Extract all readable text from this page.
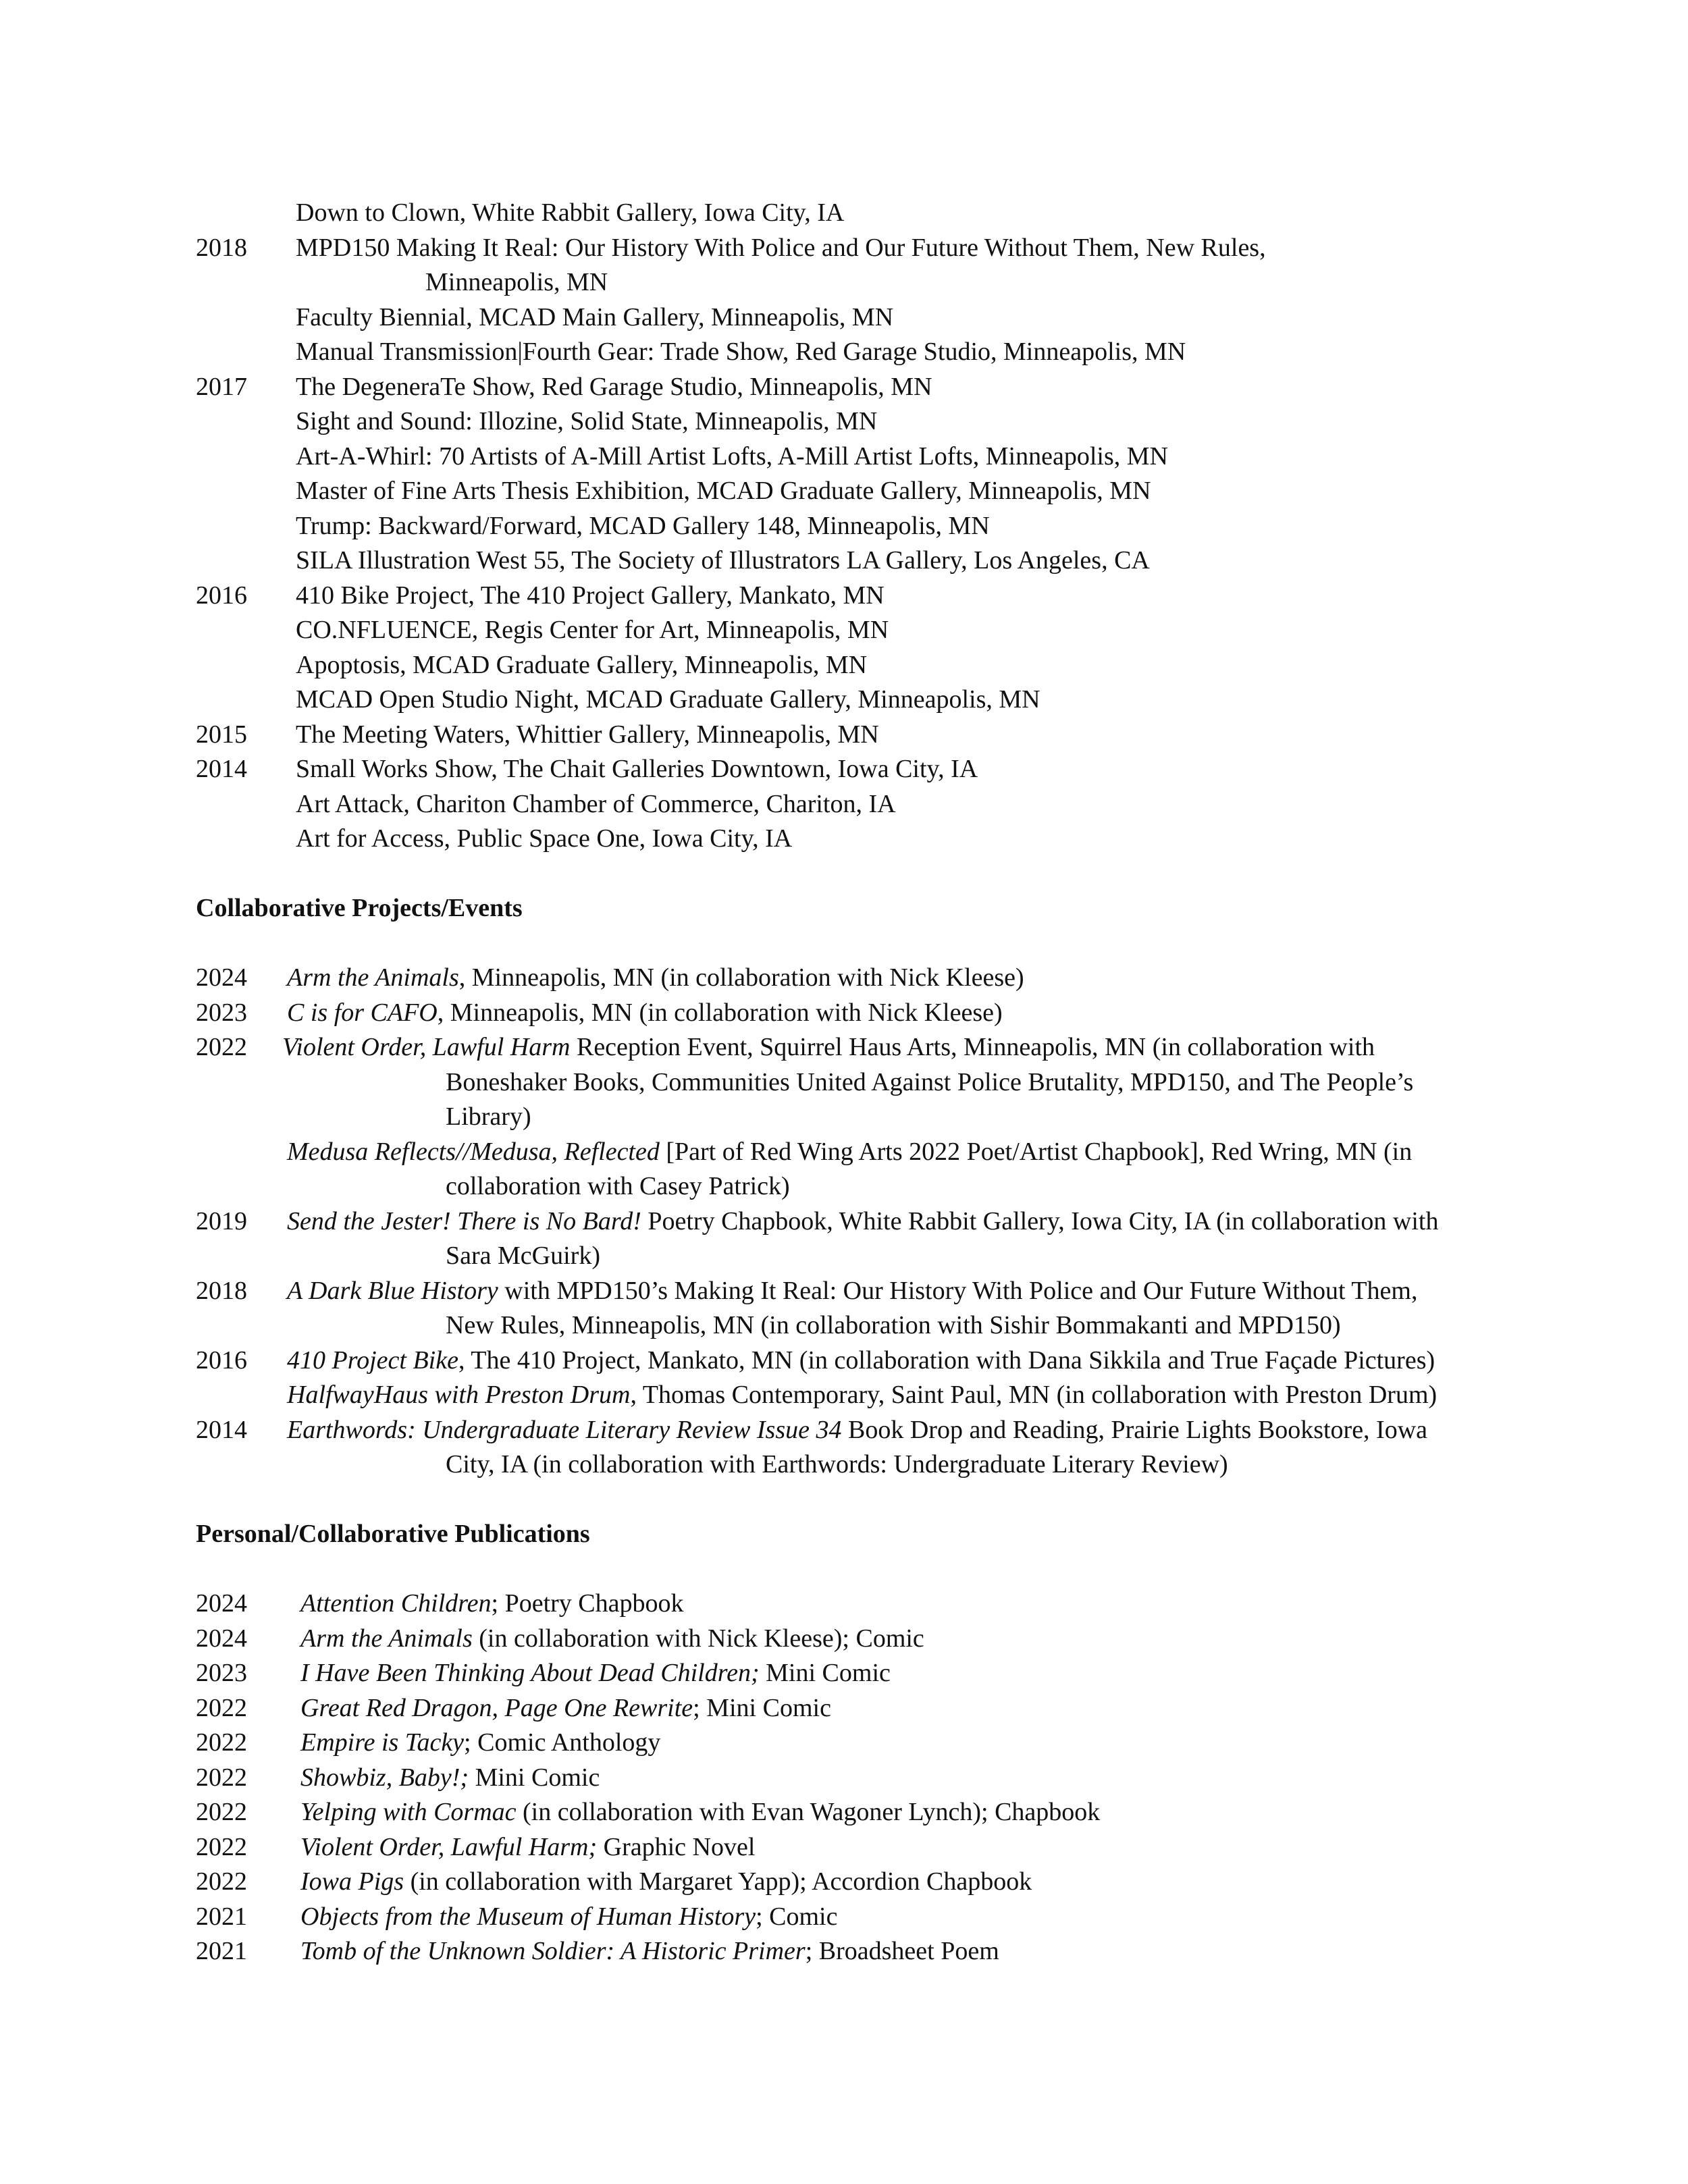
Down to Clown, White Rabbit Gallery, Iowa City, IA
2018 MPD150 Making It Real: Our History With Police and Our Future Without Them, New Rules,
Minneapolis, MN
Faculty Biennial, MCAD Main Gallery, Minneapolis, MN
Manual Transmission|Fourth Gear: Trade Show, Red Garage Studio, Minneapolis, MN
2017 The DegeneraTe Show, Red Garage Studio, Minneapolis, MN
Sight and Sound: Illozine, Solid State, Minneapolis, MN
Art-A-Whirl: 70 Artists of A-Mill Artist Lofts, A-Mill Artist Lofts, Minneapolis, MN
Master of Fine Arts Thesis Exhibition, MCAD Graduate Gallery, Minneapolis, MN
Trump: Backward/Forward, MCAD Gallery 148, Minneapolis, MN
SILA Illustration West 55, The Society of Illustrators LA Gallery, Los Angeles, CA
2016 410 Bike Project, The 410 Project Gallery, Mankato, MN
CO.NFLUENCE, Regis Center for Art, Minneapolis, MN
Apoptosis, MCAD Graduate Gallery, Minneapolis, MN
MCAD Open Studio Night, MCAD Graduate Gallery, Minneapolis, MN
2015 The Meeting Waters, Whittier Gallery, Minneapolis, MN
2014 Small Works Show, The Chait Galleries Downtown, Iowa City, IA
Art Attack, Chariton Chamber of Commerce, Chariton, IA
Art for Access, Public Space One, Iowa City, IA
Collaborative Projects/Events
2024 Arm the Animals, Minneapolis, MN (in collaboration with Nick Kleese)
2023 C is for CAFO, Minneapolis, MN (in collaboration with Nick Kleese)
2022 Violent Order, Lawful Harm Reception Event, Squirrel Haus Arts, Minneapolis, MN (in collaboration with
Boneshaker Books, Communities United Against Police Brutality, MPD150, and The People’s
Library)
Medusa Reflects//Medusa, Reflected [Part of Red Wing Arts 2022 Poet/Artist Chapbook], Red Wring, MN (in
collaboration with Casey Patrick)
2019 Send the Jester! There is No Bard! Poetry Chapbook, White Rabbit Gallery, Iowa City, IA (in collaboration with
Sara McGuirk)
2018 A Dark Blue History with MPD150’s Making It Real: Our History With Police and Our Future Without Them,
New Rules, Minneapolis, MN (in collaboration with Sishir Bommakanti and MPD150)
2016 410 Project Bike, The 410 Project, Mankato, MN (in collaboration with Dana Sikkila and True Façade Pictures)
HalfwayHaus with Preston Drum, Thomas Contemporary, Saint Paul, MN (in collaboration with Preston Drum)
2014 Earthwords: Undergraduate Literary Review Issue 34 Book Drop and Reading, Prairie Lights Bookstore, Iowa
City, IA (in collaboration with Earthwords: Undergraduate Literary Review)
Personal/Collaborative Publications
2024 Attention Children; Poetry Chapbook
2024 Arm the Animals (in collaboration with Nick Kleese); Comic
2023 I Have Been Thinking About Dead Children; Mini Comic
2022 Great Red Dragon, Page One Rewrite; Mini Comic
2022 Empire is Tacky; Comic Anthology
2022 Showbiz, Baby!; Mini Comic
2022 Yelping with Cormac (in collaboration with Evan Wagoner Lynch); Chapbook
2022 Violent Order, Lawful Harm; Graphic Novel
2022 Iowa Pigs (in collaboration with Margaret Yapp); Accordion Chapbook
2021 Objects from the Museum of Human History; Comic
2021 Tomb of the Unknown Soldier: A Historic Primer; Broadsheet Poem
